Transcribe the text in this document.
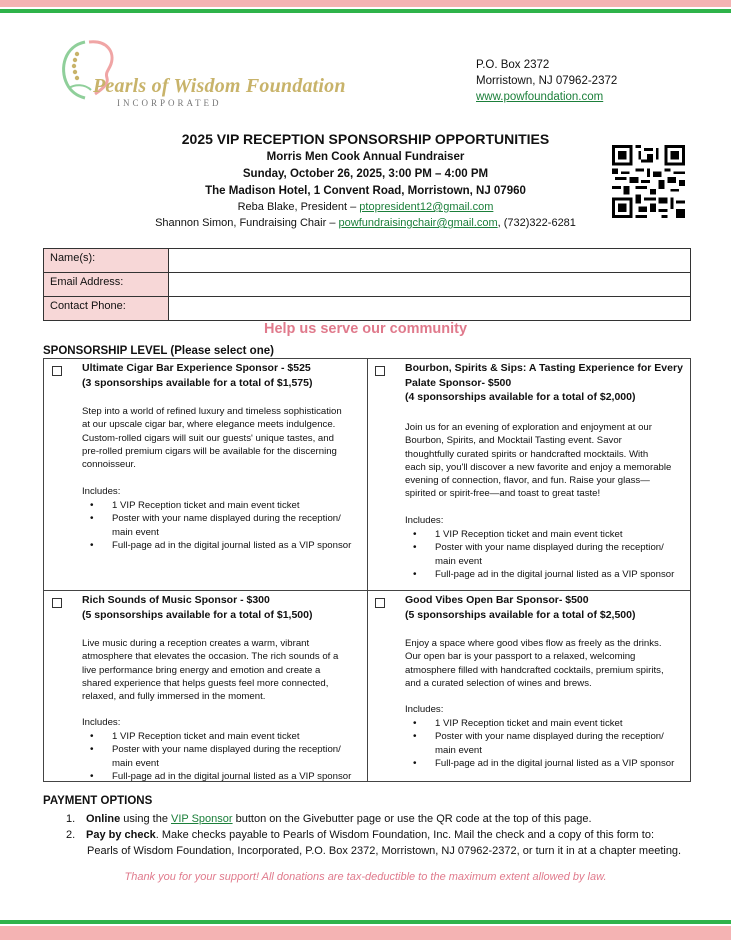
Pearls of Wisdom Foundation
INCORPORATED
P.O. Box 2372
Morristown, NJ 07962-2372
www.powfoundation.com
2025 VIP RECEPTION SPONSORSHIP OPPORTUNITIES
Morris Men Cook Annual Fundraiser
Sunday, October 26, 2025, 3:00 PM – 4:00 PM
The Madison Hotel, 1 Convent Road, Morristown, NJ 07960
Reba Blake, President – ptopresident12@gmail.com
Shannon Simon, Fundraising Chair – powfundraisingchair@gmail.com, (732)322-6281
Name(s):	
Email Address:	
Contact Phone:	
Help us serve our community
SPONSORSHIP LEVEL (Please select one)
Ultimate Cigar Bar Experience Sponsor - $525
(3 sponsorships available for a total of $1,575)
Step into a world of refined luxury and timeless sophistication
at our upscale cigar bar, where elegance meets indulgence.
Custom-rolled cigars will suit our guests' unique tastes, and
pre-rolled premium cigars will be available for the discerning
connoisseur.
Includes:
• 1 VIP Reception ticket and main event ticket
• Poster with your name displayed during the reception/
main event
• Full-page ad in the digital journal listed as a VIP sponsor
Bourbon, Spirits & Sips: A Tasting Experience for Every
Palate Sponsor- $500
(4 sponsorships available for a total of $2,000)
Join us for an evening of exploration and enjoyment at our
Bourbon, Spirits, and Mocktail Tasting event. Savor
thoughtfully curated spirits or handcrafted mocktails. With
each sip, you'll discover a new favorite and enjoy a memorable
evening of connection, flavor, and fun. Raise your glass—
spirited or spirit-free—and toast to great taste!
Includes:
• 1 VIP Reception ticket and main event ticket
• Poster with your name displayed during the reception/
main event
• Full-page ad in the digital journal listed as a VIP sponsor
Rich Sounds of Music Sponsor - $300
(5 sponsorships available for a total of $1,500)
Live music during a reception creates a warm, vibrant
atmosphere that elevates the occasion. The rich sounds of a
live performance bring energy and emotion and create a
shared experience that helps guests feel more connected,
relaxed, and fully immersed in the moment.
Includes:
• 1 VIP Reception ticket and main event ticket
• Poster with your name displayed during the reception/
main event
• Full-page ad in the digital journal listed as a VIP sponsor
Good Vibes Open Bar Sponsor- $500
(5 sponsorships available for a total of $2,500)
Enjoy a space where good vibes flow as freely as the drinks.
Our open bar is your passport to a relaxed, welcoming
atmosphere filled with handcrafted cocktails, premium spirits,
and a curated selection of wines and brews.
Includes:
• 1 VIP Reception ticket and main event ticket
• Poster with your name displayed during the reception/
main event
• Full-page ad in the digital journal listed as a VIP sponsor
PAYMENT OPTIONS
1. Online using the VIP Sponsor button on the Givebutter page or use the QR code at the top of this page.
2. Pay by check. Make checks payable to Pearls of Wisdom Foundation, Inc. Mail the check and a copy of this form to:
Pearls of Wisdom Foundation, Incorporated, P.O. Box 2372, Morristown, NJ 07962-2372, or turn it in at a chapter meeting.
Thank you for your support! All donations are tax-deductible to the maximum extent allowed by law.
